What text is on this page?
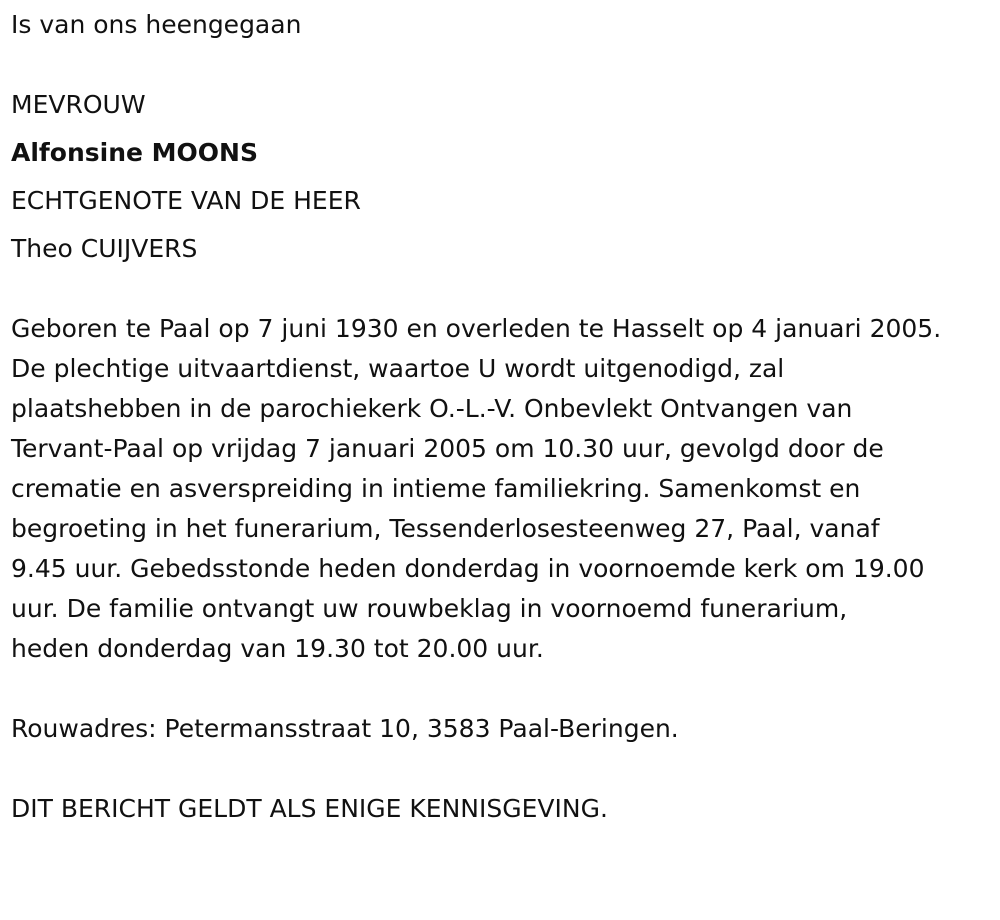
Is van ons heengegaan

MEVROUW

Alfonsine MOONS

ECHTGENOTE VAN DE HEER

Theo CUIJVERS

Geboren te Paal op 7 juni 1930 en overleden te Hasselt op 4 januari 2005.

De plechtige uitvaartdienst, waartoe U wordt uitgenodigd, zal
plaatshebben in de parochiekerk O.-L.-V. Onbevlekt Ontvangen van
Tervant-Paal op vrijdag 7 januari 2005 om 10.30 uur, gevolgd door de
crematie en asverspreiding in intieme familiekring. Samenkomst en
begroeting in het funerarium, Tessenderlosesteenweg 27, Paal, vanaf
9.45 uur. Gebedsstonde heden donderdag in voornoemde kerk om 19.00
uur. De familie ontvangt uw rouwbeklag in voornoemd funerarium,
heden donderdag van 19.30 tot 20.00 uur.

Rouwadres: Petermansstraat 10, 3583 Paal-Beringen.

DIT BERICHT GELDT ALS ENIGE KENNISGEVING.
